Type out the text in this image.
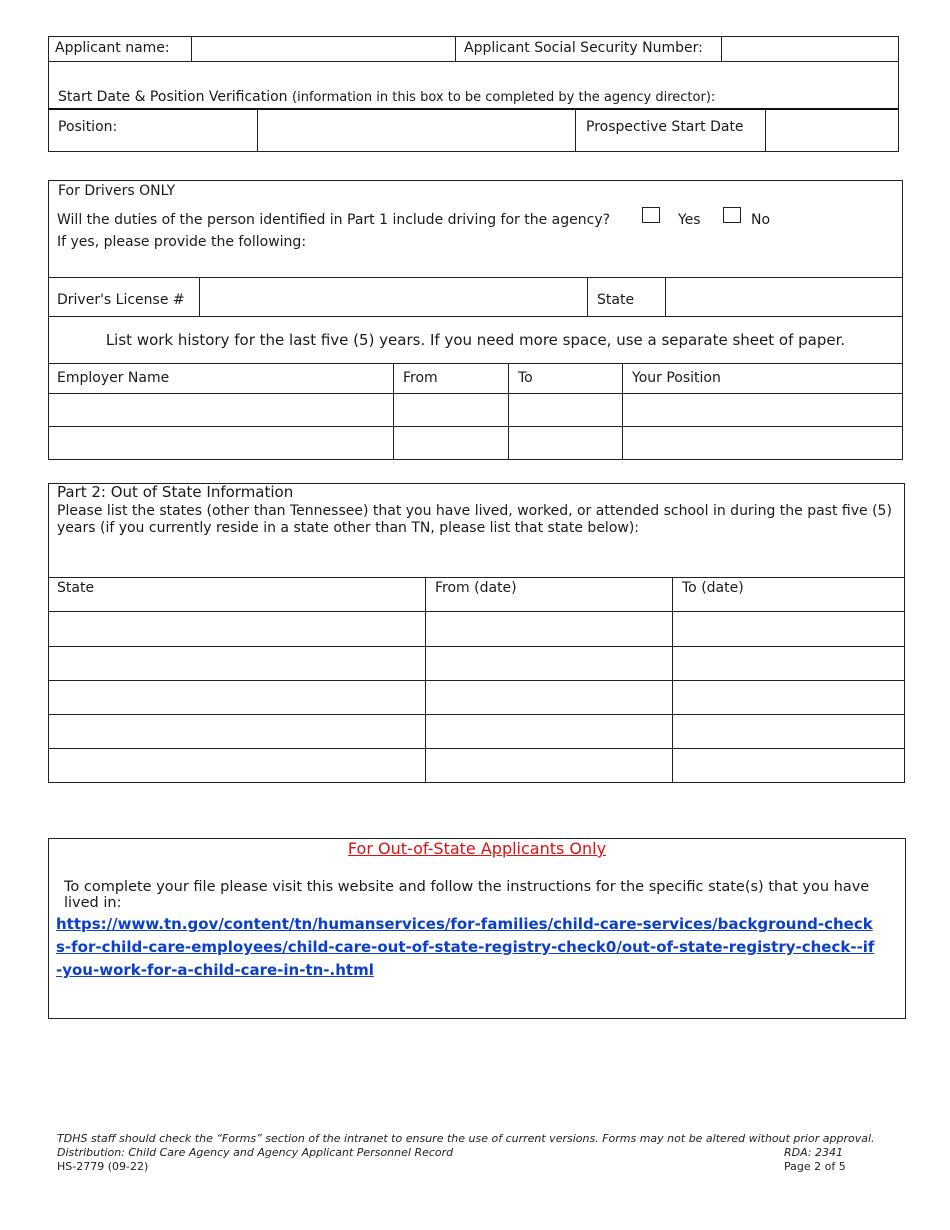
Applicant name:	Applicant Social Security Number:
Start Date & Position Verification (information in this box to be completed by the agency director):
Position:	Prospective Start Date
For Drivers ONLY
Will the duties of the person identified in Part 1 include driving for the agency?	Yes	No
If yes, please provide the following:
Driver's License #	State
List work history for the last five (5) years. If you need more space, use a separate sheet of paper.
Employer Name	From	To	Your Position
Part 2: Out of State Information
Please list the states (other than Tennessee) that you have lived, worked, or attended school in during the past five (5)
years (if you currently reside in a state other than TN, please list that state below):
State	From (date)	To (date)
For Out-of-State Applicants Only
To complete your file please visit this website and follow the instructions for the specific state(s) that you have lived in:
https://www.tn.gov/content/tn/humanservices/for-families/child-care-services/background-checks-for-child-care-employees/child-care-out-of-state-registry-check0/out-of-state-registry-check--if-you-work-for-a-child-care-in-tn-.html
TDHS staff should check the “Forms” section of the intranet to ensure the use of current versions. Forms may not be altered without prior approval.
Distribution: Child Care Agency and Agency Applicant Personnel Record	RDA: 2341
HS-2779 (09-22)	Page 2 of 5
